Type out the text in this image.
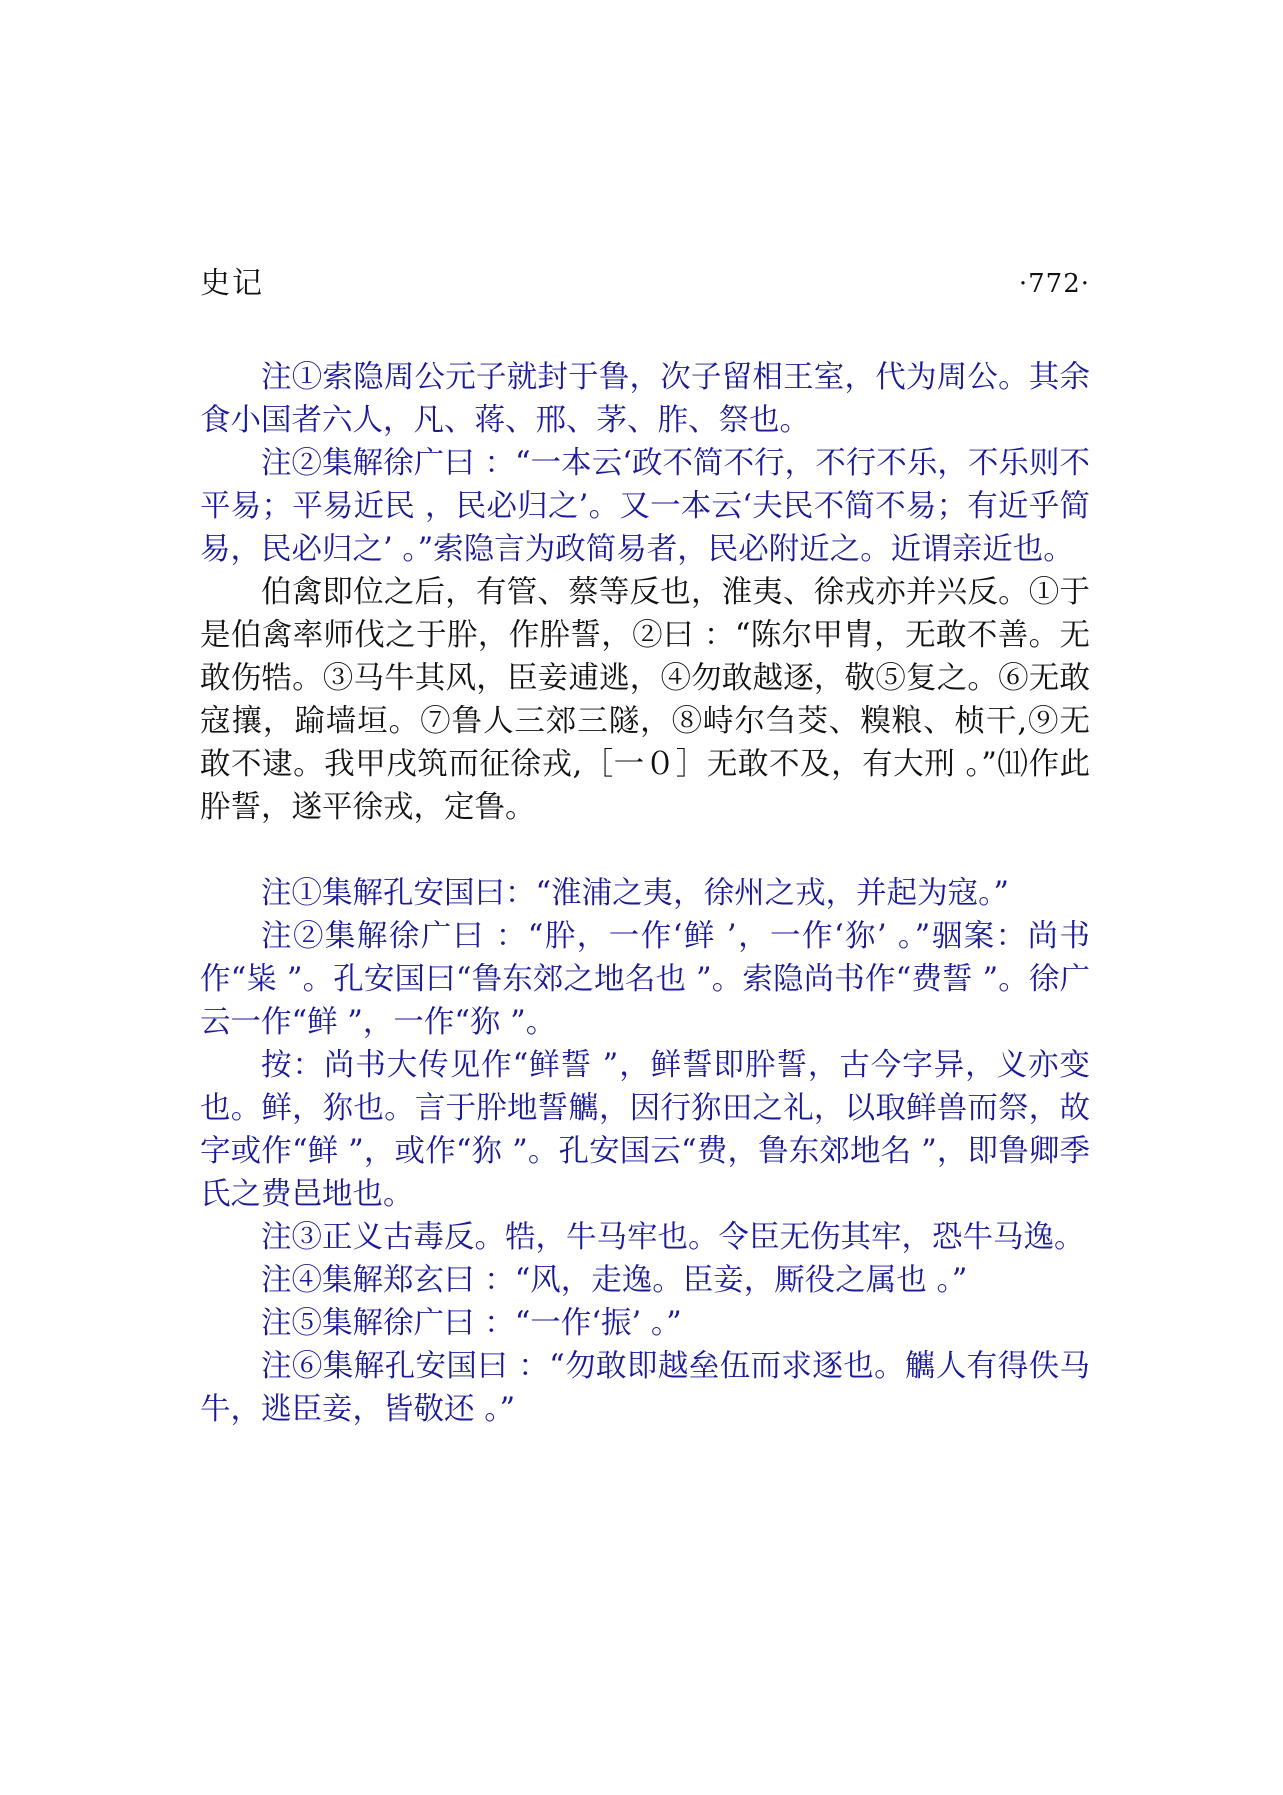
史记	·772·

注①索隐周公元子就封于鲁，次子留相王室，代为周公。其余食小国者六人，凡、蒋、邢、茅、胙、祭也。

注②集解徐广曰 ：“一本云‘政不简不行，不行不乐，不乐则不平易；平易近民 ，民必归之’。又一本云‘夫民不简不易；有近乎简易，民必归之’ 。”索隐言为政简易者，民必附近之。近谓亲近也。

伯禽即位之后，有管、蔡等反也，淮夷、徐戎亦并兴反。①于是伯禽率师伐之于肸，作肸誓，②曰 ：“陈尔甲胄，无敢不善。无敢伤牿。③马牛其风，臣妾逋逃，④勿敢越逐，敬⑤复之。⑥无敢寇攘，踰墙垣。⑦鲁人三郊三隧，⑧峙尔刍茭、糗粮、桢干,⑨无敢不逮。我甲戌筑而征徐戎,［一０］无敢不及，有大刑 。”⑾作此肸誓，遂平徐戎，定鲁。

注①集解孔安国曰：“淮浦之夷，徐州之戎，并起为寇。”

注②集解徐广曰 ：“肸，一作‘鲜 ’，一作‘狝’ 。”骃案：尚书作“粊 ”。孔安国曰“鲁东郊之地名也 ”。索隐尚书作“费誓 ”。徐广云一作“鲜 ”，一作“狝 ”。

按：尚书大传见作“鲜誓 ”，鲜誓即肸誓，古今字异，义亦变也。鲜，狝也。言于肸地誓觽，因行狝田之礼，以取鲜兽而祭，故字或作“鲜 ”，或作“狝 ”。孔安国云“费，鲁东郊地名 ”，即鲁卿季氏之费邑地也。

注③正义古毒反。牿，牛马牢也。令臣无伤其牢，恐牛马逸。

注④集解郑玄曰 ：“风，走逸。臣妾，厮役之属也 。”

注⑤集解徐广曰 ：“一作‘振’ 。”

注⑥集解孔安国曰 ：“勿敢即越垒伍而求逐也。觽人有得佚马牛，逃臣妾，皆敬还 。”
